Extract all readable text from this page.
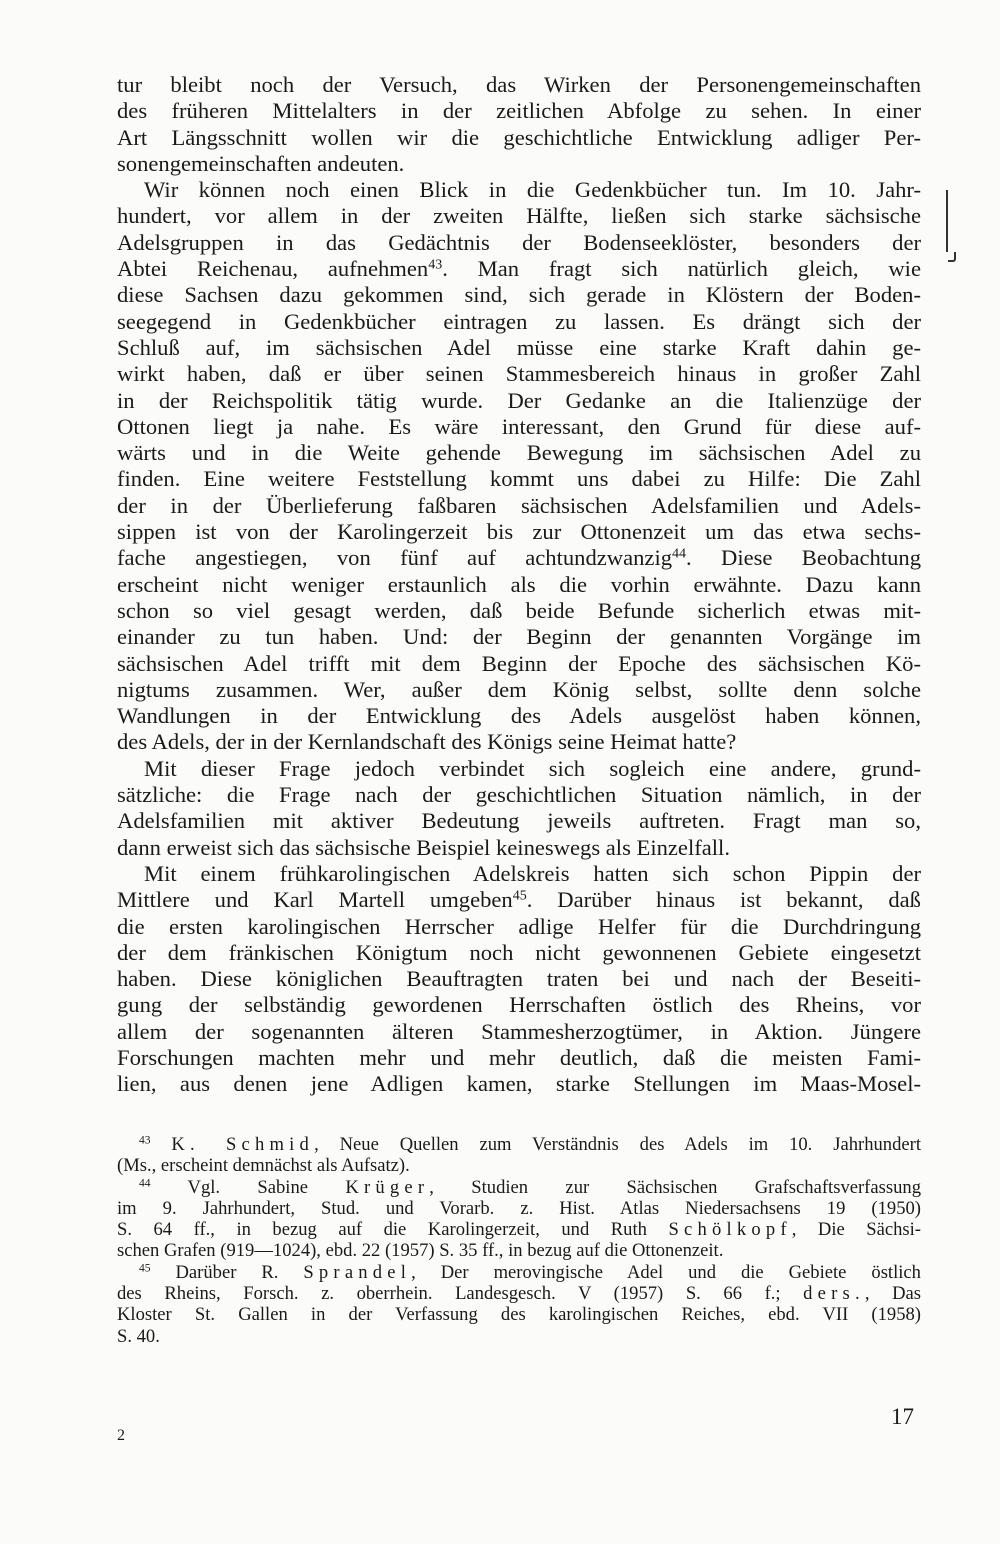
tur bleibt noch der Versuch, das Wirken der Personengemeinschaften
des früheren Mittelalters in der zeitlichen Abfolge zu sehen. In einer
Art Längsschnitt wollen wir die geschichtliche Entwicklung adliger Per-
sonengemeinschaften andeuten.

Wir können noch einen Blick in die Gedenkbücher tun. Im 10. Jahr-
hundert, vor allem in der zweiten Hälfte, ließen sich starke sächsische
Adelsgruppen in das Gedächtnis der Bodenseeklöster, besonders der
Abtei Reichenau, aufnehmen$^{43}$. Man fragt sich natürlich gleich, wie
diese Sachsen dazu gekommen sind, sich gerade in Klöstern der Boden-
seegegend in Gedenkbücher eintragen zu lassen. Es drängt sich der
Schluß auf, im sächsischen Adel müsse eine starke Kraft dahin ge-
wirkt haben, daß er über seinen Stammesbereich hinaus in großer Zahl
in der Reichspolitik tätig wurde. Der Gedanke an die Italienzüge der
Ottonen liegt ja nahe. Es wäre interessant, den Grund für diese auf-
wärts und in die Weite gehende Bewegung im sächsischen Adel zu
finden. Eine weitere Feststellung kommt uns dabei zu Hilfe: Die Zahl
der in der Überlieferung faßbaren sächsischen Adelsfamilien und Adels-
sippen ist von der Karolingerzeit bis zur Ottonenzeit um das etwa sechs-
fache angestiegen, von fünf auf achtundzwanzig$^{44}$. Diese Beobachtung
erscheint nicht weniger erstaunlich als die vorhin erwähnte. Dazu kann
schon so viel gesagt werden, daß beide Befunde sicherlich etwas mit-
einander zu tun haben. Und: der Beginn der genannten Vorgänge im
sächsischen Adel trifft mit dem Beginn der Epoche des sächsischen Kö-
nigtums zusammen. Wer, außer dem König selbst, sollte denn solche
Wandlungen in der Entwicklung des Adels ausgelöst haben können,
des Adels, der in der Kernlandschaft des Königs seine Heimat hatte?

Mit dieser Frage jedoch verbindet sich sogleich eine andere, grund-
sätzliche: die Frage nach der geschichtlichen Situation nämlich, in der
Adelsfamilien mit aktiver Bedeutung jeweils auftreten. Fragt man so,
dann erweist sich das sächsische Beispiel keineswegs als Einzelfall.

Mit einem frühkarolingischen Adelskreis hatten sich schon Pippin der
Mittlere und Karl Martell umgeben$^{45}$. Darüber hinaus ist bekannt, daß
die ersten karolingischen Herrscher adlige Helfer für die Durchdringung
der dem fränkischen Königtum noch nicht gewonnenen Gebiete eingesetzt
haben. Diese königlichen Beauftragten traten bei und nach der Beseiti-
gung der selbständig gewordenen Herrschaften östlich des Rheins, vor
allem der sogenannten älteren Stammesherzogtümer, in Aktion. Jüngere
Forschungen machten mehr und mehr deutlich, daß die meisten Fami-
lien, aus denen jene Adligen kamen, starke Stellungen im Maas-Mosel-

$^{43}$ K. Schmid, Neue Quellen zum Verständnis des Adels im 10. Jahrhundert
(Ms., erscheint demnächst als Aufsatz).
$^{44}$ Vgl. Sabine Krüger, Studien zur Sächsischen Grafschaftsverfassung
im 9. Jahrhundert, Stud. und Vorarb. z. Hist. Atlas Niedersachsens 19 (1950)
S. 64 ff., in bezug auf die Karolingerzeit, und Ruth Schölkopf, Die Sächsi-
schen Grafen (919—1024), ebd. 22 (1957) S. 35 ff., in bezug auf die Ottonenzeit.
$^{45}$ Darüber R. Sprandel, Der merovingische Adel und die Gebiete östlich
des Rheins, Forsch. z. oberrhein. Landesgesch. V (1957) S. 66 f.; ders., Das
Kloster St. Gallen in der Verfassung des karolingischen Reiches, ebd. VII (1958)
S. 40.
17
2
